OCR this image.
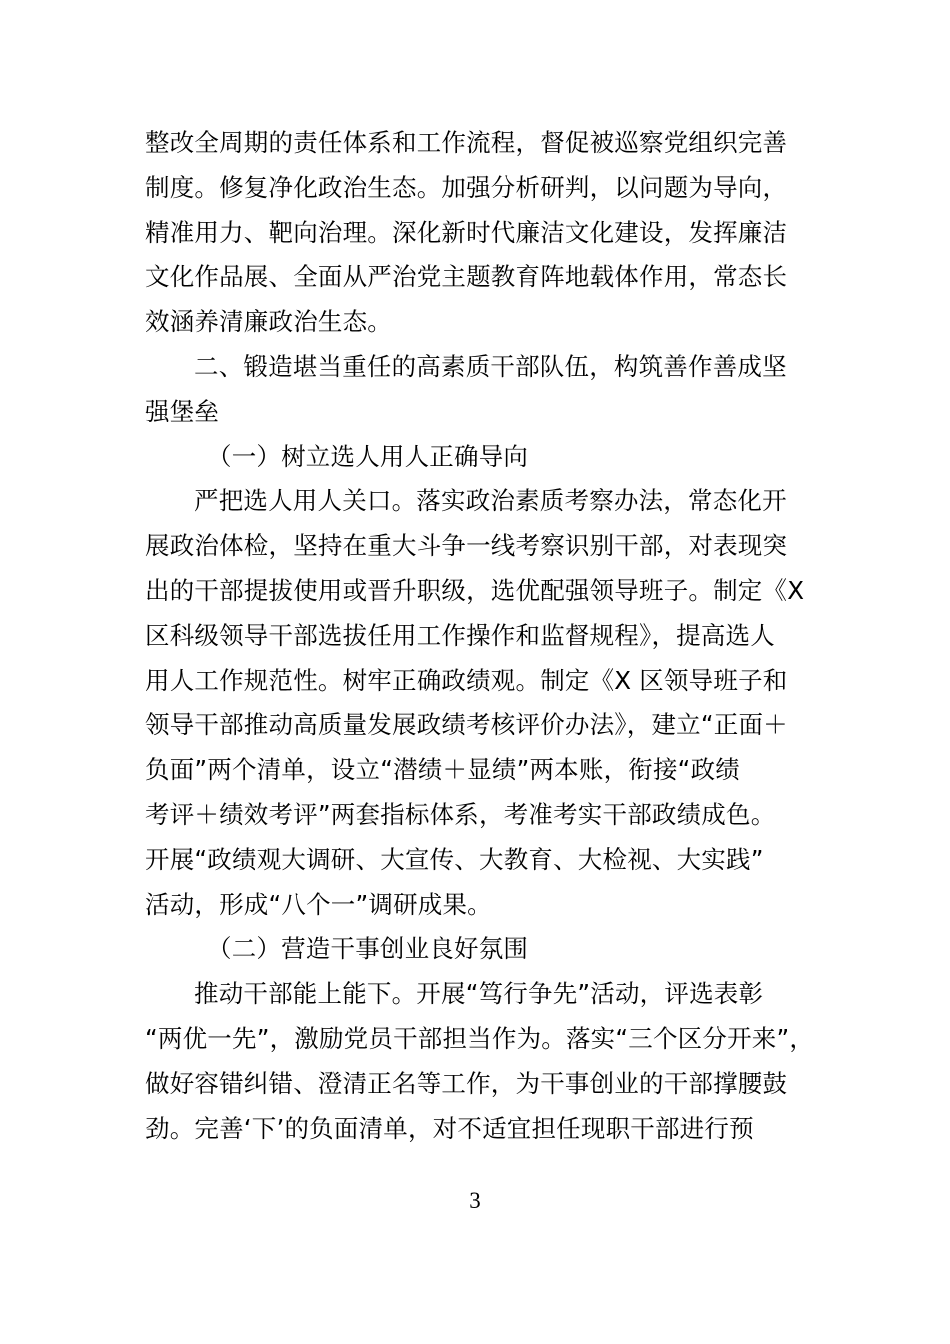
整改全周期的责任体系和工作流程，督促被巡察党组织完善
制度。修复净化政治生态。加强分析研判，以问题为导向，
精准用力、靶向治理。深化新时代廉洁文化建设，发挥廉洁
文化作品展、全面从严治党主题教育阵地载体作用，常态长
效涵养清廉政治生态。
二、锻造堪当重任的高素质干部队伍，构筑善作善成坚
强堡垒
（一）树立选人用人正确导向
严把选人用人关口。落实政治素质考察办法，常态化开
展政治体检，坚持在重大斗争一线考察识别干部，对表现突
出的干部提拔使用或晋升职级，选优配强领导班子。制定《X
区科级领导干部选拔任用工作操作和监督规程》，提高选人
用人工作规范性。树牢正确政绩观。制定《X 区领导班子和
领导干部推动高质量发展政绩考核评价办法》，建立“正面＋
负面”两个清单，设立“潜绩＋显绩”两本账，衔接“政绩
考评＋绩效考评”两套指标体系，考准考实干部政绩成色。
开展“政绩观大调研、大宣传、大教育、大检视、大实践”
活动，形成“八个一”调研成果。
（二）营造干事创业良好氛围
推动干部能上能下。开展“笃行争先”活动，评选表彰
“两优一先”，激励党员干部担当作为。落实“三个区分开来”，
做好容错纠错、澄清正名等工作，为干事创业的干部撑腰鼓
劲。完善‘下’的负面清单，对不适宜担任现职干部进行预
3
